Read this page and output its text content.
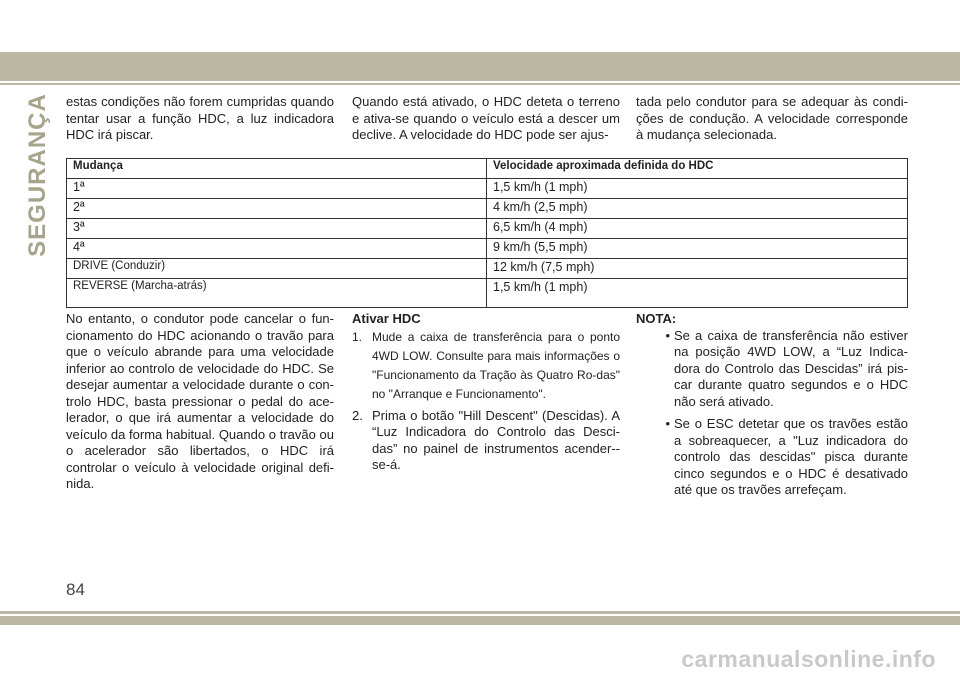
SEGURANÇA estas condições não forem cumpridas quando tentar usar a função HDC, a luz indicadora HDC irá piscar.

Quando está ativado, o HDC deteta o terreno e ativa-se quando o veículo está a descer um declive. A velocidade do HDC pode ser ajus-

tada pelo condutor para se adequar às condi-ções de condução. A velocidade corresponde à mudança selecionada.

Mudança	Velocidade aproximada definida do HDC
1ª	1,5 km/h (1 mph)
2ª	4 km/h (2,5 mph)
3ª	6,5 km/h (4 mph)
4ª	9 km/h (5,5 mph)
DRIVE (Conduzir)	12 km/h (7,5 mph)
REVERSE (Marcha-atrás)	1,5 km/h (1 mph)

No entanto, o condutor pode cancelar o fun-cionamento do HDC acionando o travão para que o veículo abrande para uma velocidade inferior ao controlo de velocidade do HDC. Se desejar aumentar a velocidade durante o con-trolo HDC, basta pressionar o pedal do ace-lerador, o que irá aumentar a velocidade do veículo da forma habitual. Quando o travão ou o acelerador são libertados, o HDC irá controlar o veículo à velocidade original defi-nida.

Ativar HDC

1. Mude a caixa de transferência para o ponto 4WD LOW. Consulte para mais informações o "Funcionamento da Tração às Quatro Ro-das" no "Arranque e Funcionamento".
2. Prima o botão "Hill Descent" (Descidas). A “Luz Indicadora do Controlo das Desci-das” no painel de instrumentos acender--se-á.

NOTA:

• Se a caixa de transferência não estiver na posição 4WD LOW, a “Luz Indica-dora do Controlo das Descidas” irá pis-car durante quatro segundos e o HDC não será ativado.
• Se o ESC detetar que os travões estão a sobreaquecer, a "Luz indicadora do controlo das descidas" pisca durante cinco segundos e o HDC é desativado até que os travões arrefeçam.
84
carmanualsonline.info
